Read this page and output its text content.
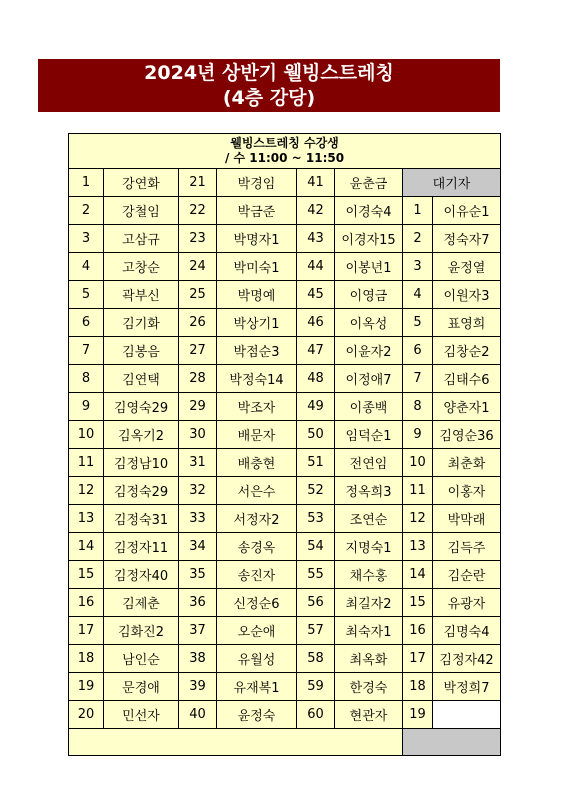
2024년 상반기 웰빙스트레칭
(4층 강당)
웰빙스트레칭 수강생
/ 수 11:00 ~ 11:50							

1	강연화	21	박경임	41	윤춘금	대기자	
2	강철임	22	박금준	42	이경숙4	1	이유순1
3	고삼규	23	박명자1	43	이경자15	2	정숙자7
4	고창순	24	박미숙1	44	이봉년1	3	윤정열
5	곽부신	25	박명예	45	이영금	4	이원자3
6	김기화	26	박상기1	46	이옥성	5	표영희
7	김봉음	27	박점순3	47	이윤자2	6	김창순2
8	김연택	28	박정숙14	48	이정애7	7	김태수6
9	김영숙29	29	박조자	49	이종백	8	양춘자1
10	김옥기2	30	배문자	50	임덕순1	9	김영순36
11	김정남10	31	배충현	51	전연임	10	최춘화
12	김정숙29	32	서은수	52	정옥희3	11	이홍자
13	김정숙31	33	서정자2	53	조연순	12	박막래
14	김정자11	34	송경옥	54	지명숙1	13	김득주
15	김정자40	35	송진자	55	채수홍	14	김순란
16	김제춘	36	신정순6	56	최길자2	15	유광자
17	김화진2	37	오순애	57	최숙자1	16	김명숙4
18	남인순	38	유월성	58	최옥화	17	김정자42
19	문경애	39	유재복1	59	한경숙	18	박정희7
20	민선자	40	윤정숙	60	현관자	19	
